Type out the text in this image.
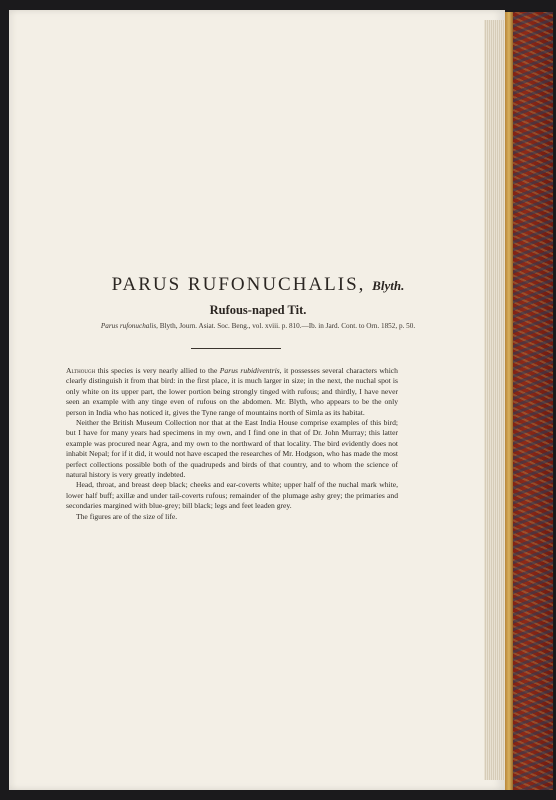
PARUS RUFONUCHALIS, Blyth.
Rufous-naped Tit.
Parus rufonuchalis, Blyth, Journ. Asiat. Soc. Beng., vol. xviii. p. 810.—Ib. in Jard. Cont. to Orn. 1852, p. 50.

Although this species is very nearly allied to the Parus rubidiventris, it possesses several characters which clearly distinguish it from that bird: in the first place, it is much larger in size; in the next, the nuchal spot is only white on its upper part, the lower portion being strongly tinged with rufous; and thirdly, I have never seen an example with any tinge even of rufous on the abdomen. Mr. Blyth, who appears to be the only person in India who has noticed it, gives the Tyne range of mountains north of Simla as its habitat.

Neither the British Museum Collection nor that at the East India House comprise examples of this bird; but I have for many years had specimens in my own, and I find one in that of Dr. John Murray; this latter example was procured near Agra, and my own to the northward of that locality. The bird evidently does not inhabit Nepal; for if it did, it would not have escaped the researches of Mr. Hodgson, who has made the most perfect collections possible both of the quadrupeds and birds of that country, and to whom the science of natural history is very greatly indebted.

Head, throat, and breast deep black; cheeks and ear-coverts white; upper half of the nuchal mark white, lower half buff; axillæ and under tail-coverts rufous; remainder of the plumage ashy grey; the primaries and secondaries margined with blue-grey; bill black; legs and feet leaden grey.

The figures are of the size of life.
